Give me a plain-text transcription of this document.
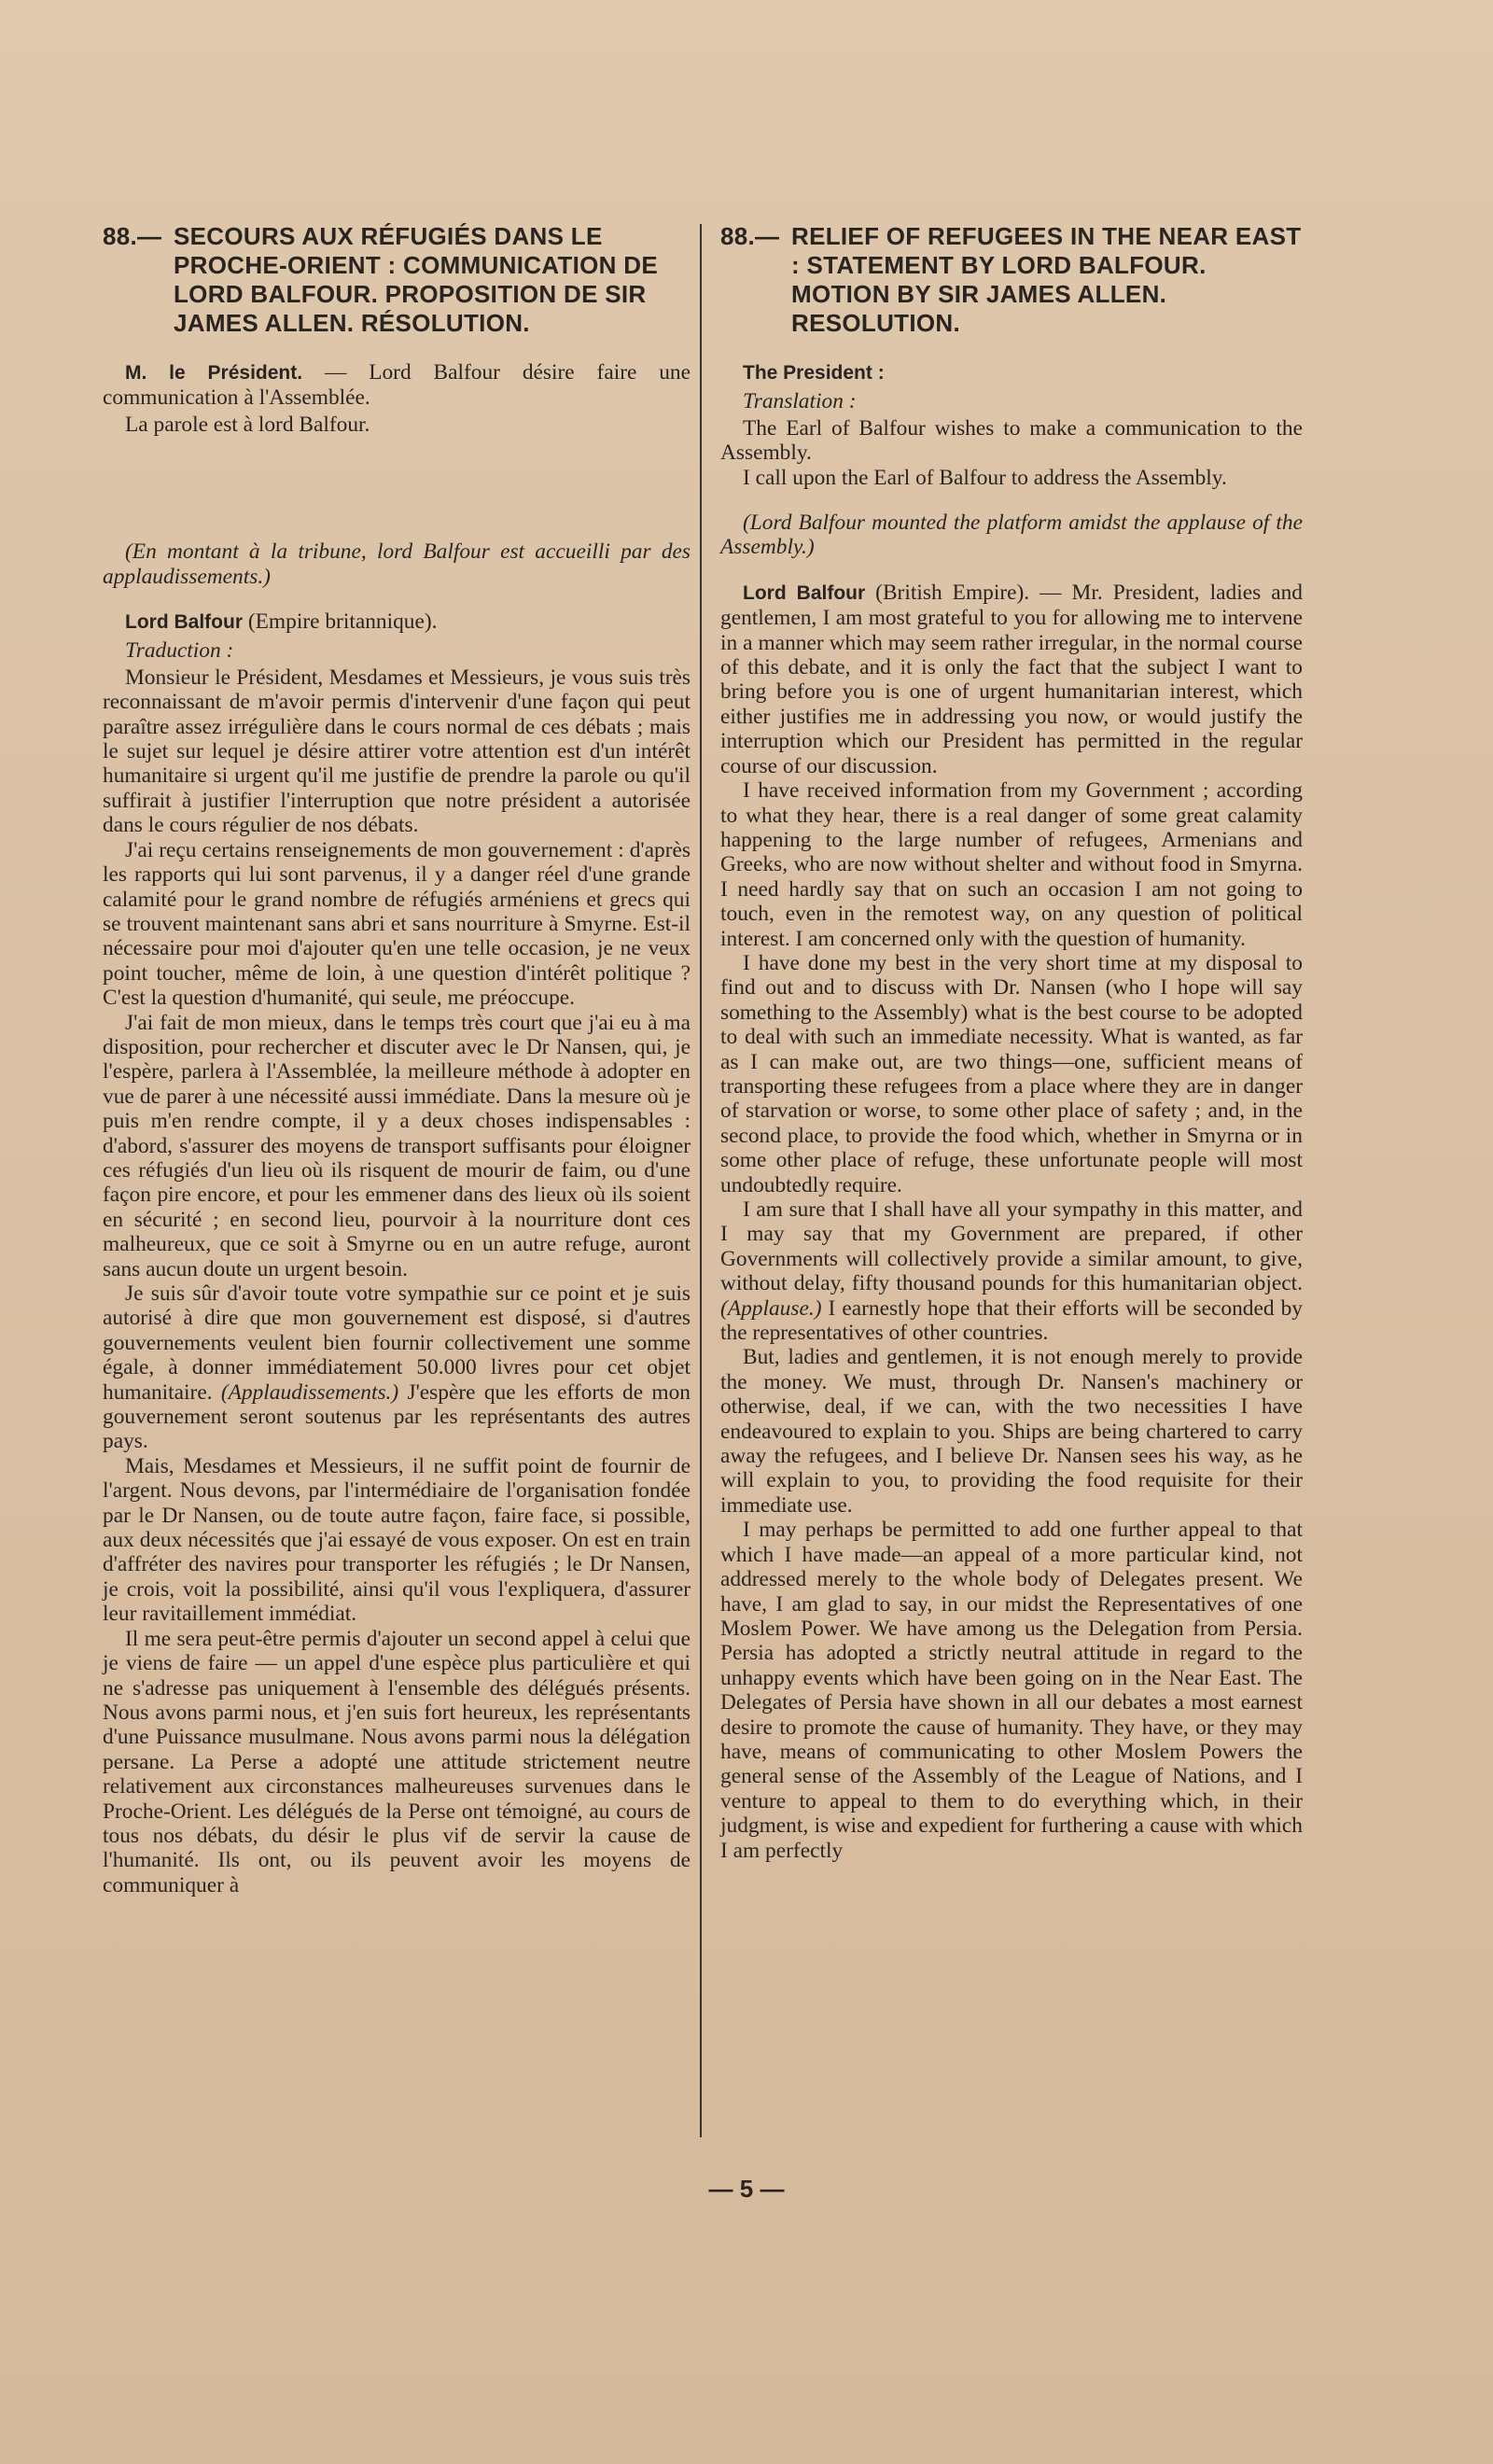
88.— SECOURS AUX RÉFUGIÉS DANS LE PROCHE-ORIENT : COMMUNICATION DE LORD BALFOUR. PROPOSITION DE SIR JAMES ALLEN. RÉSOLUTION.

M. le Président. — Lord Balfour désire faire une communication à l'Assemblée.

La parole est à lord Balfour.

(En montant à la tribune, lord Balfour est accueilli par des applaudissements.)

Lord Balfour (Empire britannique).

Traduction :

Monsieur le Président, Mesdames et Messieurs, je vous suis très reconnaissant de m'avoir permis d'intervenir d'une façon qui peut paraître assez irrégulière dans le cours normal de ces débats ; mais le sujet sur lequel je désire attirer votre attention est d'un intérêt humanitaire si urgent qu'il me justifie de prendre la parole ou qu'il suffirait à justifier l'interruption que notre président a autorisée dans le cours régulier de nos débats.

J'ai reçu certains renseignements de mon gouvernement : d'après les rapports qui lui sont parvenus, il y a danger réel d'une grande calamité pour le grand nombre de réfugiés arméniens et grecs qui se trouvent maintenant sans abri et sans nourriture à Smyrne. Est-il nécessaire pour moi d'ajouter qu'en une telle occasion, je ne veux point toucher, même de loin, à une question d'intérêt politique ? C'est la question d'humanité, qui seule, me préoccupe.

J'ai fait de mon mieux, dans le temps très court que j'ai eu à ma disposition, pour rechercher et discuter avec le Dr Nansen, qui, je l'espère, parlera à l'Assemblée, la meilleure méthode à adopter en vue de parer à une nécessité aussi immédiate. Dans la mesure où je puis m'en rendre compte, il y a deux choses indispensables : d'abord, s'assurer des moyens de transport suffisants pour éloigner ces réfugiés d'un lieu où ils risquent de mourir de faim, ou d'une façon pire encore, et pour les emmener dans des lieux où ils soient en sécurité ; en second lieu, pourvoir à la nourriture dont ces malheureux, que ce soit à Smyrne ou en un autre refuge, auront sans aucun doute un urgent besoin.

Je suis sûr d'avoir toute votre sympathie sur ce point et je suis autorisé à dire que mon gouvernement est disposé, si d'autres gouvernements veulent bien fournir collectivement une somme égale, à donner immédiatement 50.000 livres pour cet objet humanitaire. (Applaudissements.) J'espère que les efforts de mon gouvernement seront soutenus par les représentants des autres pays.

Mais, Mesdames et Messieurs, il ne suffit point de fournir de l'argent. Nous devons, par l'intermédiaire de l'organisation fondée par le Dr Nansen, ou de toute autre façon, faire face, si possible, aux deux nécessités que j'ai essayé de vous exposer. On est en train d'affréter des navires pour transporter les réfugiés ; le Dr Nansen, je crois, voit la possibilité, ainsi qu'il vous l'expliquera, d'assurer leur ravitaillement immédiat.

Il me sera peut-être permis d'ajouter un second appel à celui que je viens de faire — un appel d'une espèce plus particulière et qui ne s'adresse pas uniquement à l'ensemble des délégués présents. Nous avons parmi nous, et j'en suis fort heureux, les représentants d'une Puissance musulmane. Nous avons parmi nous la délégation persane. La Perse a adopté une attitude strictement neutre relativement aux circonstances malheureuses survenues dans le Proche-Orient. Les délégués de la Perse ont témoigné, au cours de tous nos débats, du désir le plus vif de servir la cause de l'humanité. Ils ont, ou ils peuvent avoir les moyens de communiquer à

88.— RELIEF OF REFUGEES IN THE NEAR EAST : STATEMENT BY LORD BALFOUR. MOTION BY SIR JAMES ALLEN. RESOLUTION.

The President :

Translation :

The Earl of Balfour wishes to make a communication to the Assembly.

I call upon the Earl of Balfour to address the Assembly.

(Lord Balfour mounted the platform amidst the applause of the Assembly.)

Lord Balfour (British Empire). — Mr. President, ladies and gentlemen, I am most grateful to you for allowing me to intervene in a manner which may seem rather irregular, in the normal course of this debate, and it is only the fact that the subject I want to bring before you is one of urgent humanitarian interest, which either justifies me in addressing you now, or would justify the interruption which our President has permitted in the regular course of our discussion.

I have received information from my Government ; according to what they hear, there is a real danger of some great calamity happening to the large number of refugees, Armenians and Greeks, who are now without shelter and without food in Smyrna. I need hardly say that on such an occasion I am not going to touch, even in the remotest way, on any question of political interest. I am concerned only with the question of humanity.

I have done my best in the very short time at my disposal to find out and to discuss with Dr. Nansen (who I hope will say something to the Assembly) what is the best course to be adopted to deal with such an immediate necessity. What is wanted, as far as I can make out, are two things—one, sufficient means of transporting these refugees from a place where they are in danger of starvation or worse, to some other place of safety ; and, in the second place, to provide the food which, whether in Smyrna or in some other place of refuge, these unfortunate people will most undoubtedly require.

I am sure that I shall have all your sympathy in this matter, and I may say that my Government are prepared, if other Governments will collectively provide a similar amount, to give, without delay, fifty thousand pounds for this humanitarian object. (Applause.) I earnestly hope that their efforts will be seconded by the representatives of other countries.

But, ladies and gentlemen, it is not enough merely to provide the money. We must, through Dr. Nansen's machinery or otherwise, deal, if we can, with the two necessities I have endeavoured to explain to you. Ships are being chartered to carry away the refugees, and I believe Dr. Nansen sees his way, as he will explain to you, to providing the food requisite for their immediate use.

I may perhaps be permitted to add one further appeal to that which I have made—an appeal of a more particular kind, not addressed merely to the whole body of Delegates present. We have, I am glad to say, in our midst the Representatives of one Moslem Power. We have among us the Delegation from Persia. Persia has adopted a strictly neutral attitude in regard to the unhappy events which have been going on in the Near East. The Delegates of Persia have shown in all our debates a most earnest desire to promote the cause of humanity. They have, or they may have, means of communicating to other Moslem Powers the general sense of the Assembly of the League of Nations, and I venture to appeal to them to do everything which, in their judgment, is wise and expedient for furthering a cause with which I am perfectly

— 5 —
